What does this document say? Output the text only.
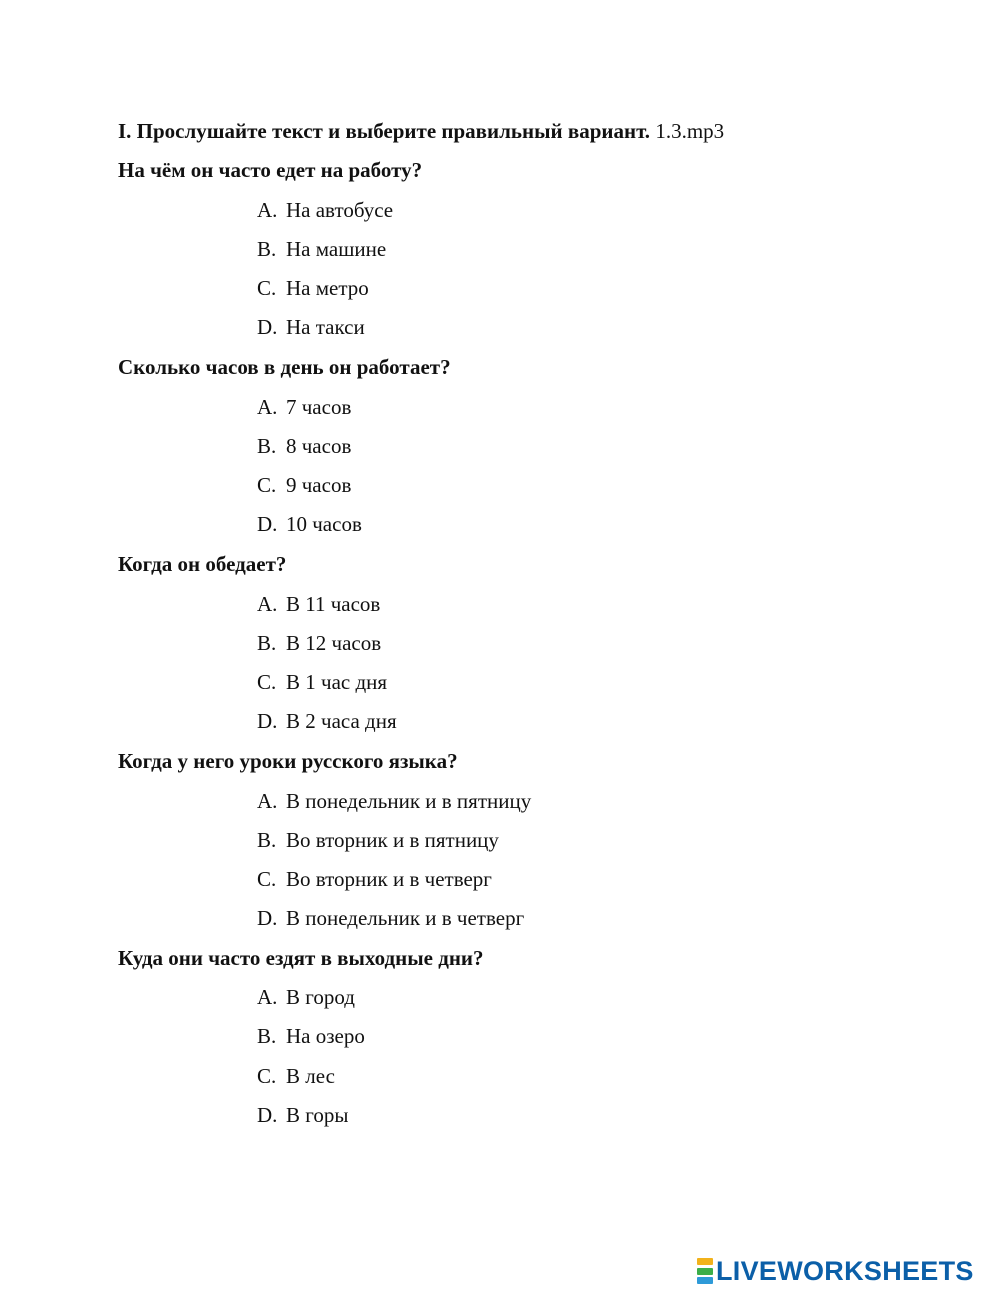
I. Прослушайте текст и выберите правильный вариант. 1.3.mp3
На чём он часто едет на работу?
A. На автобусе
B. На машине
C. На метро
D. На такси
Сколько часов в день он работает?
A. 7 часов
B. 8 часов
C. 9 часов
D. 10 часов
Когда он обедает?
A. В 11 часов
B. В 12 часов
C. В 1 час дня
D. В 2 часа дня
Когда у него уроки русского языка?
A. В понедельник и в пятницу
B. Во вторник и в пятницу
C. Во вторник и в четверг
D. В понедельник и в четверг
Куда они часто ездят в выходные дни?
A. В город
B. На озеро
C. В лес
D. В горы
LIVEWORKSHEETS
